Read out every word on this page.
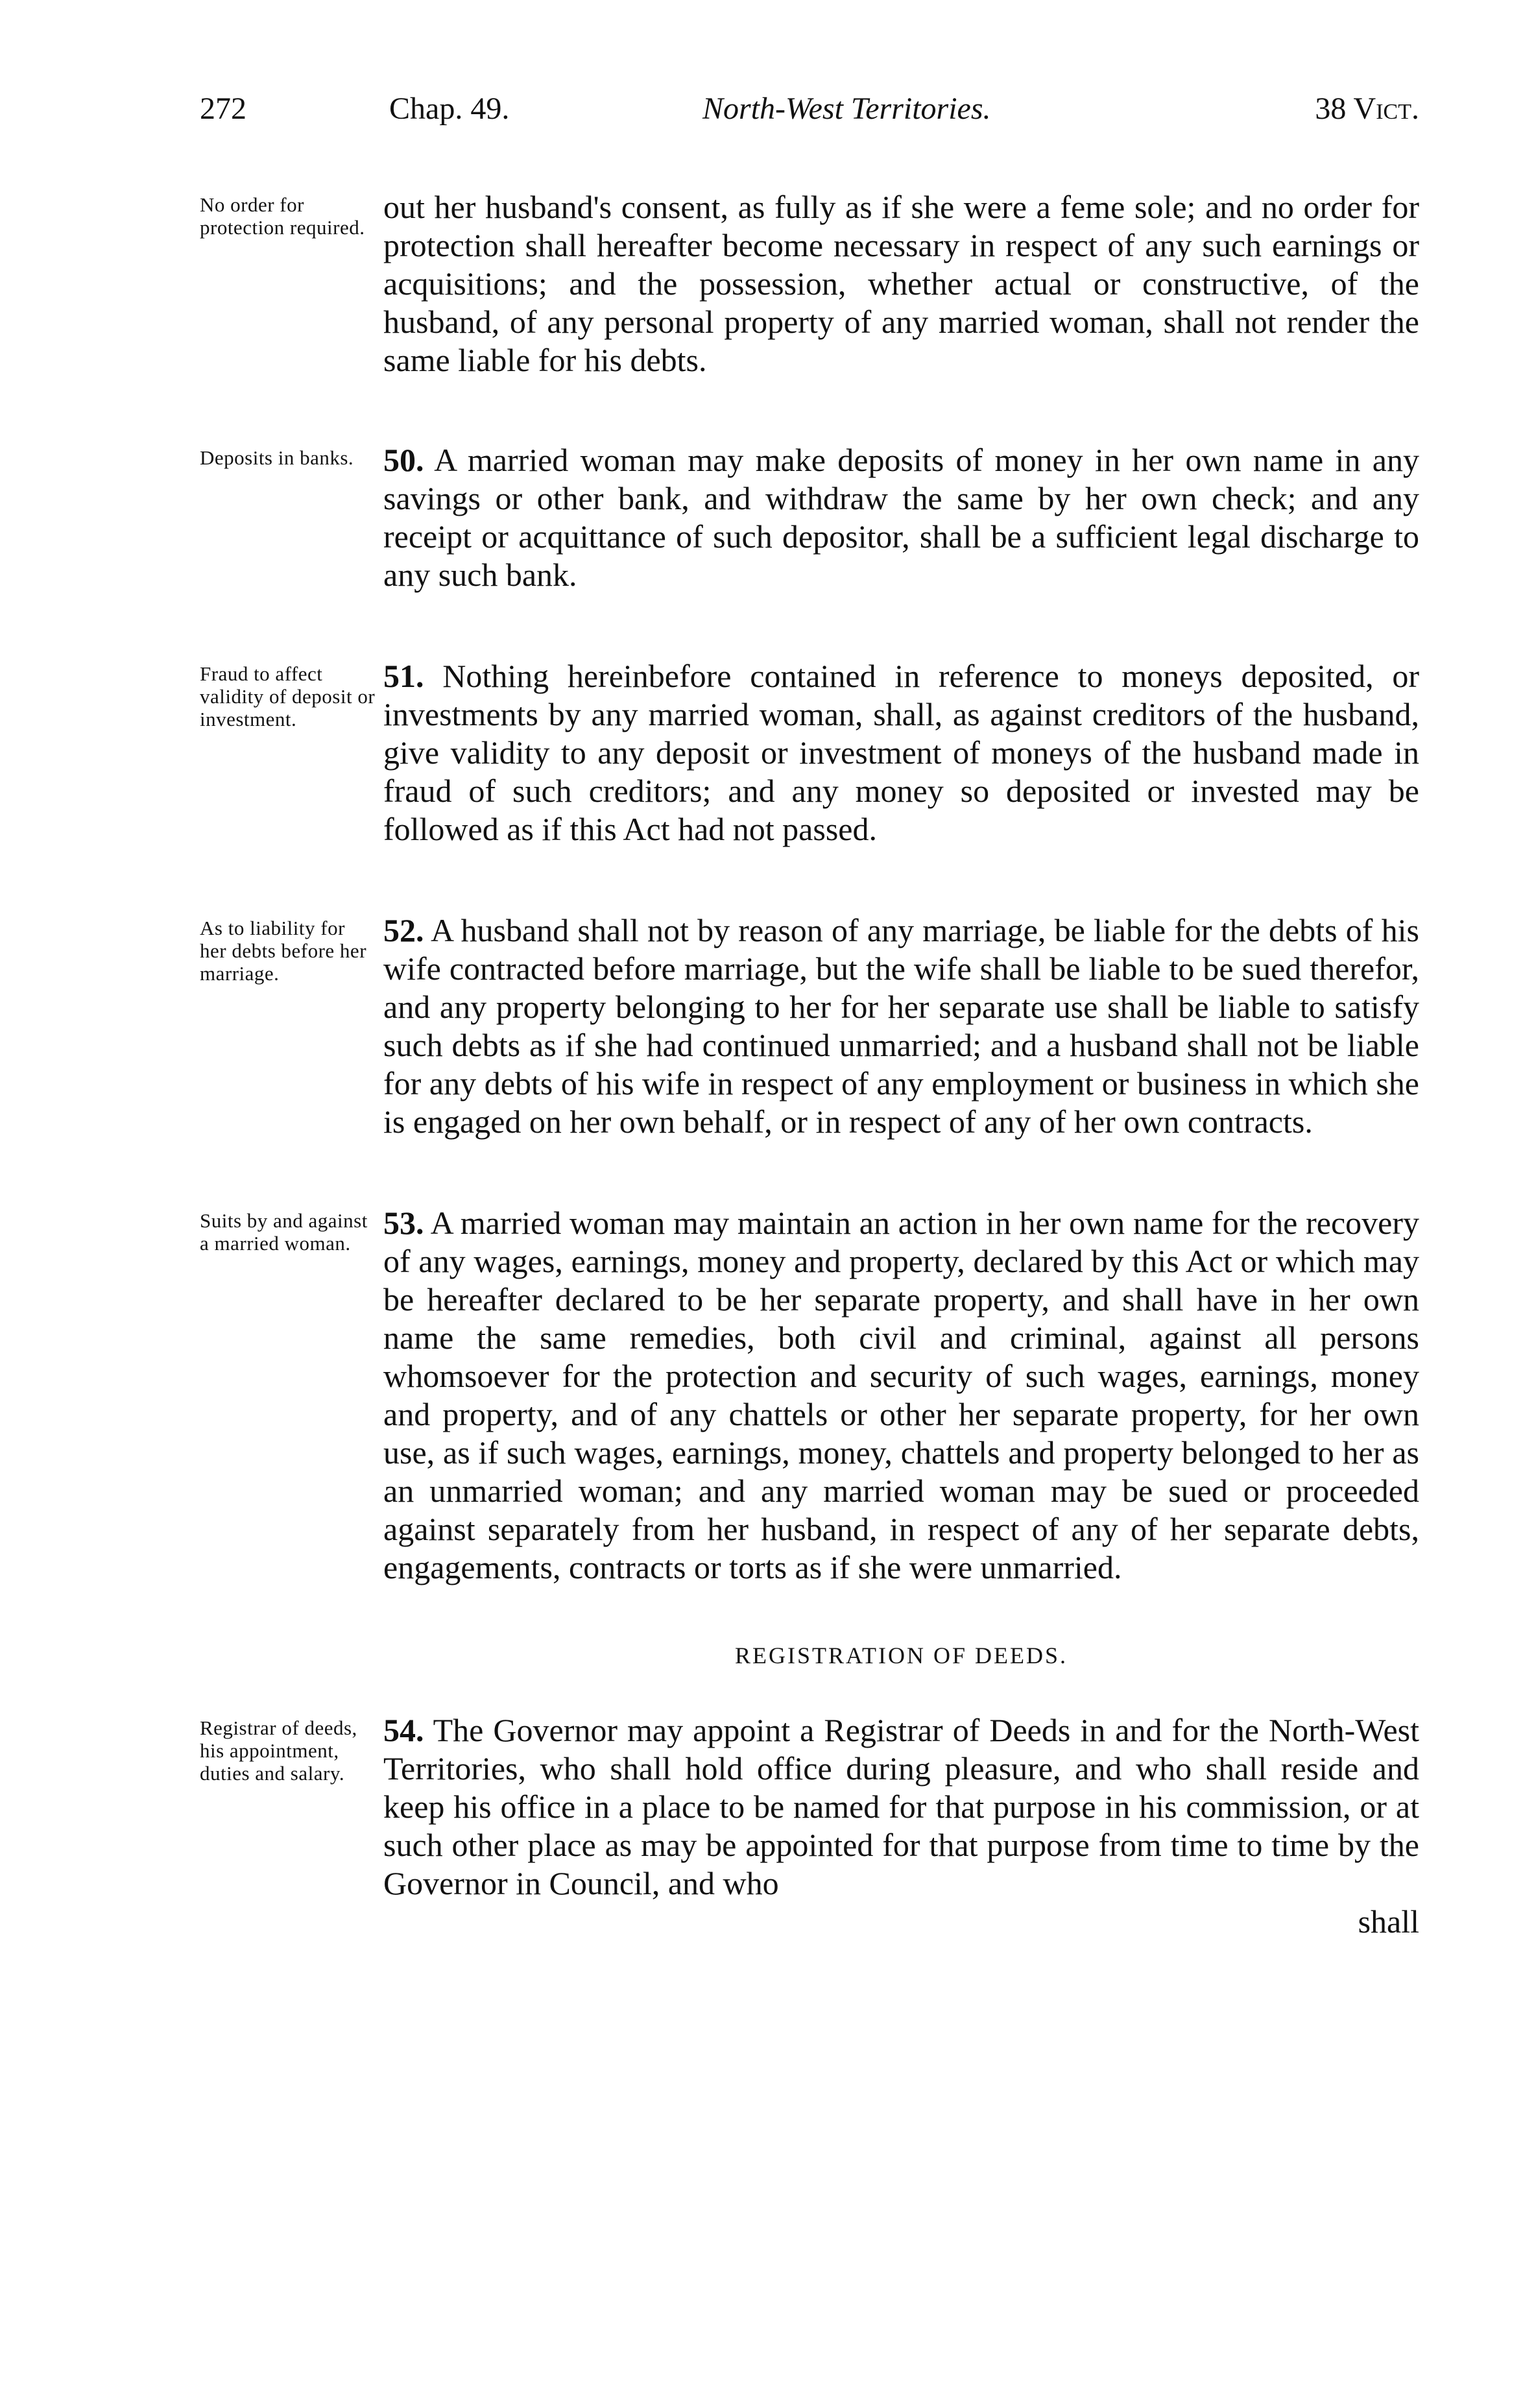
272	Chap. 49.	North-West Territories.	38 Vict.
No order for protection required.
out her husband's consent, as fully as if she were a feme sole; and no order for protection shall hereafter become necessary in respect of any such earnings or acquisitions; and the possession, whether actual or constructive, of the husband, of any personal property of any married woman, shall not render the same liable for his debts.
Deposits in banks. 50. A married woman may make deposits of money in her own name in any savings or other bank, and withdraw the same by her own check; and any receipt or acquittance of such depositor, shall be a sufficient legal discharge to any such bank.
Fraud to affect validity of deposit or investment.
51. Nothing hereinbefore contained in reference to moneys deposited, or investments by any married woman, shall, as against creditors of the husband, give validity to any deposit or investment of moneys of the husband made in fraud of such creditors; and any money so deposited or invested may be followed as if this Act had not passed.
As to liability for her debts before her marriage.
52. A husband shall not by reason of any marriage, be liable for the debts of his wife contracted before marriage, but the wife shall be liable to be sued therefor, and any property belonging to her for her separate use shall be liable to satisfy such debts as if she had continued unmarried; and a husband shall not be liable for any debts of his wife in respect of any employment or business in which she is engaged on her own behalf, or in respect of any of her own contracts.
Suits by and against a married woman.
53. A married woman may maintain an action in her own name for the recovery of any wages, earnings, money and property, declared by this Act or which may be hereafter declared to be her separate property, and shall have in her own name the same remedies, both civil and criminal, against all persons whomsoever for the protection and security of such wages, earnings, money and property, and of any chattels or other her separate property, for her own use, as if such wages, earnings, money, chattels and property belonged to her as an unmarried woman; and any married woman may be sued or proceeded against separately from her husband, in respect of any of her separate debts, engagements, contracts or torts as if she were unmarried.
REGISTRATION OF DEEDS.
Registrar of deeds, his appointment, duties and salary.
54. The Governor may appoint a Registrar of Deeds in and for the North-West Territories, who shall hold office during pleasure, and who shall reside and keep his office in a place to be named for that purpose in his commission, or at such other place as may be appointed for that purpose from time to time by the Governor in Council, and who
shall
